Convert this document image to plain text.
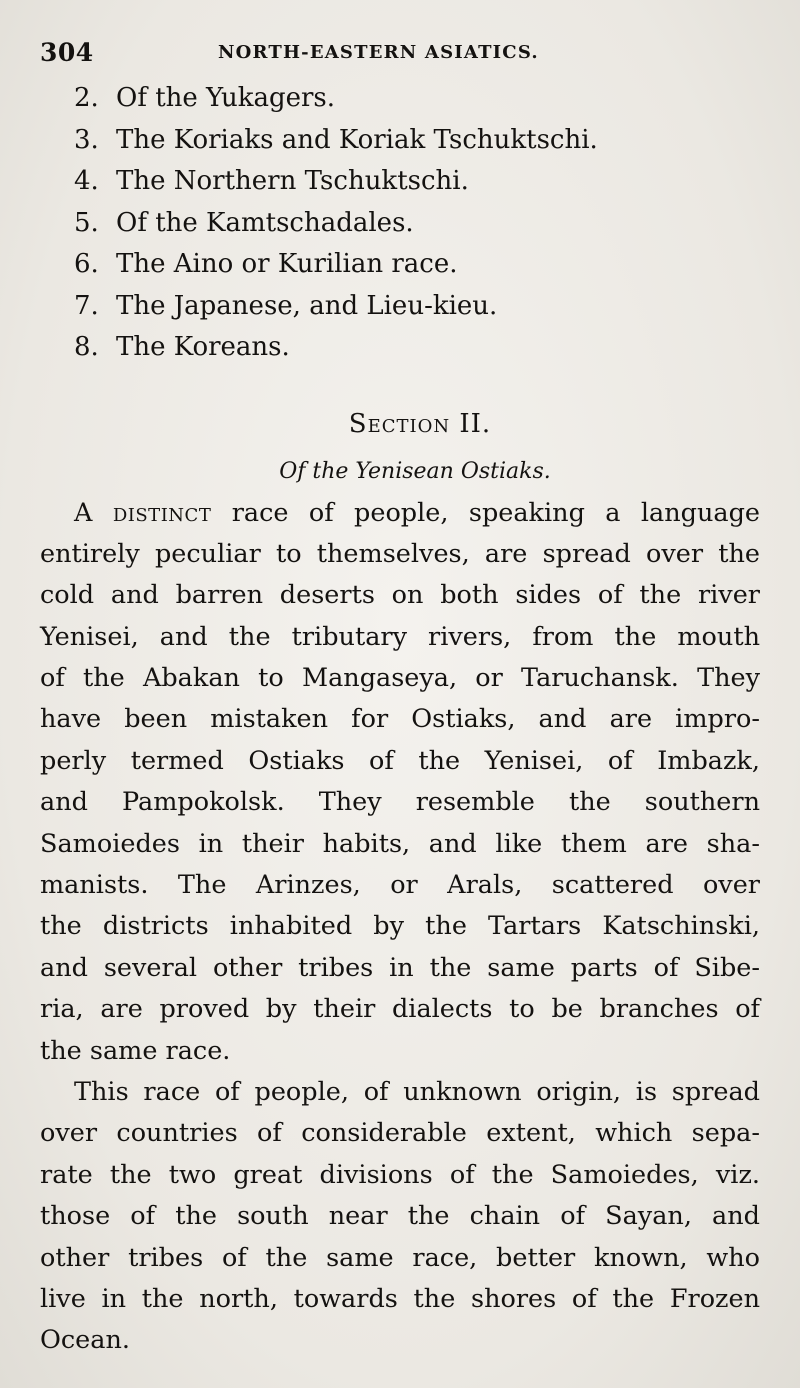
304	NORTH-EASTERN ASIATICS.
2. Of the Yukagers.
3. The Koriaks and Koriak Tschuktschi.
4. The Northern Tschuktschi.
5. Of the Kamtschadales.
6. The Aino or Kurilian race.
7. The Japanese, and Lieu-kieu.
8. The Koreans.
Section II.
Of the Yenisean Ostiaks.
A distinct race of people, speaking a language
entirely peculiar to themselves, are spread over the
cold and barren deserts on both sides of the river
Yenisei, and the tributary rivers, from the mouth
of the Abakan to Mangaseya, or Taruchansk. They
have been mistaken for Ostiaks, and are impro-
perly termed Ostiaks of the Yenisei, of Imbazk,
and Pampokolsk. They resemble the southern
Samoiedes in their habits, and like them are sha-
manists. The Arinzes, or Arals, scattered over
the districts inhabited by the Tartars Katschinski,
and several other tribes in the same parts of Sibe-
ria, are proved by their dialects to be branches of
the same race.
This race of people, of unknown origin, is spread
over countries of considerable extent, which sepa-
rate the two great divisions of the Samoiedes, viz.
those of the south near the chain of Sayan, and
other tribes of the same race, better known, who
live in the north, towards the shores of the Frozen
Ocean.
